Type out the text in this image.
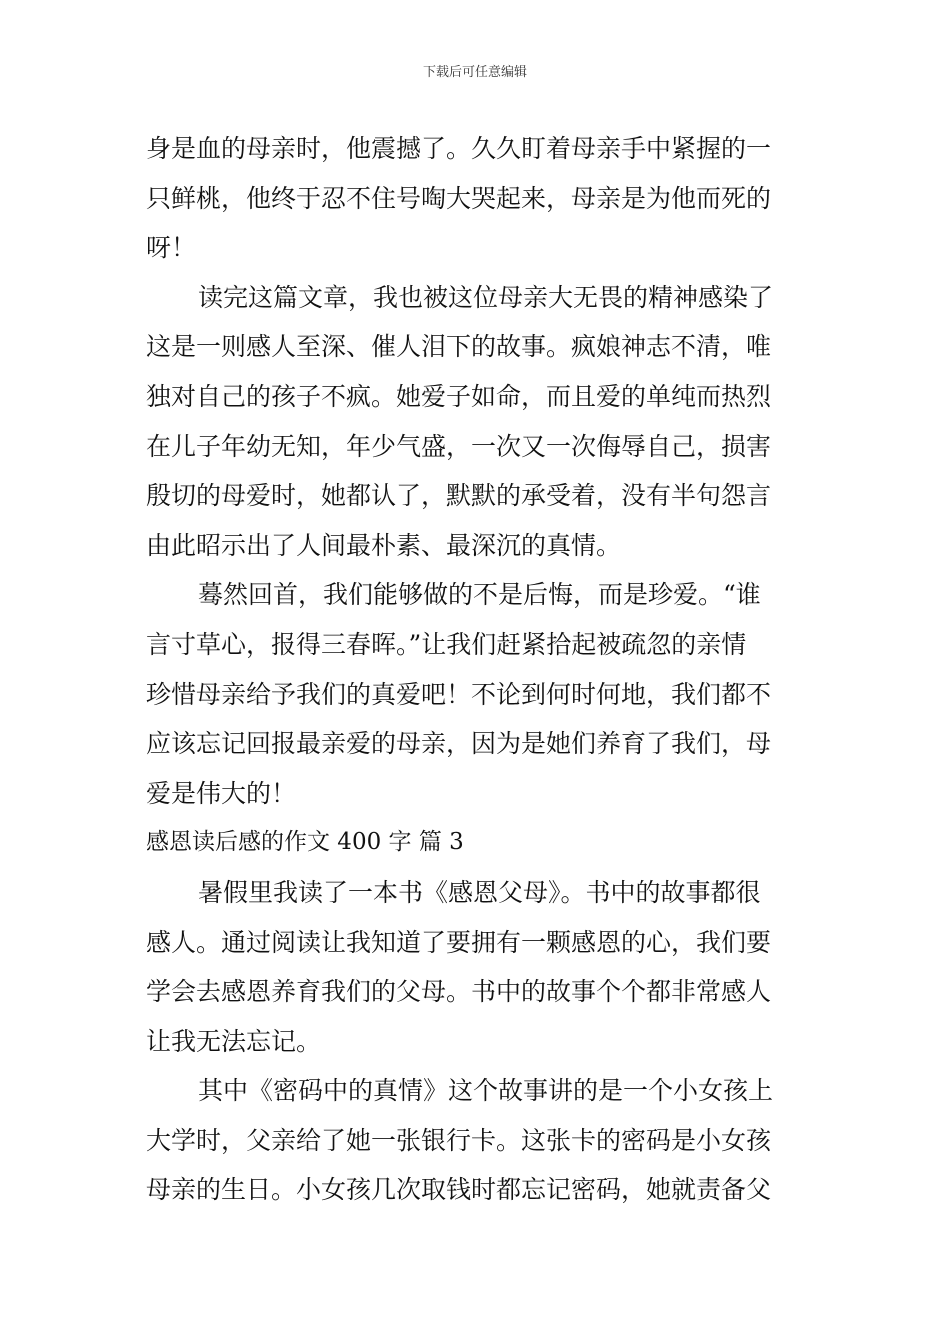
下载后可任意编辑
身是血的母亲时，他震撼了。久久盯着母亲手中紧握的一
只鲜桃，他终于忍不住号啕大哭起来，母亲是为他而死的
呀！
读完这篇文章，我也被这位母亲大无畏的精神感染了
这是一则感人至深、催人泪下的故事。疯娘神志不清，唯
独对自己的孩子不疯。她爱子如命，而且爱的单纯而热烈
在儿子年幼无知，年少气盛，一次又一次侮辱自己，损害
殷切的母爱时，她都认了，默默的承受着，没有半句怨言
由此昭示出了人间最朴素、最深沉的真情。
蓦然回首，我们能够做的不是后悔，而是珍爱。“谁
言寸草心，报得三春晖。”让我们赶紧拾起被疏忽的亲情
珍惜母亲给予我们的真爱吧！不论到何时何地，我们都不
应该忘记回报最亲爱的母亲，因为是她们养育了我们，母
爱是伟大的！
感恩读后感的作文 400 字 篇 3
暑假里我读了一本书《感恩父母》。书中的故事都很
感人。通过阅读让我知道了要拥有一颗感恩的心，我们要
学会去感恩养育我们的父母。书中的故事个个都非常感人
让我无法忘记。
其中《密码中的真情》这个故事讲的是一个小女孩上
大学时，父亲给了她一张银行卡。这张卡的密码是小女孩
母亲的生日。小女孩几次取钱时都忘记密码，她就责备父
